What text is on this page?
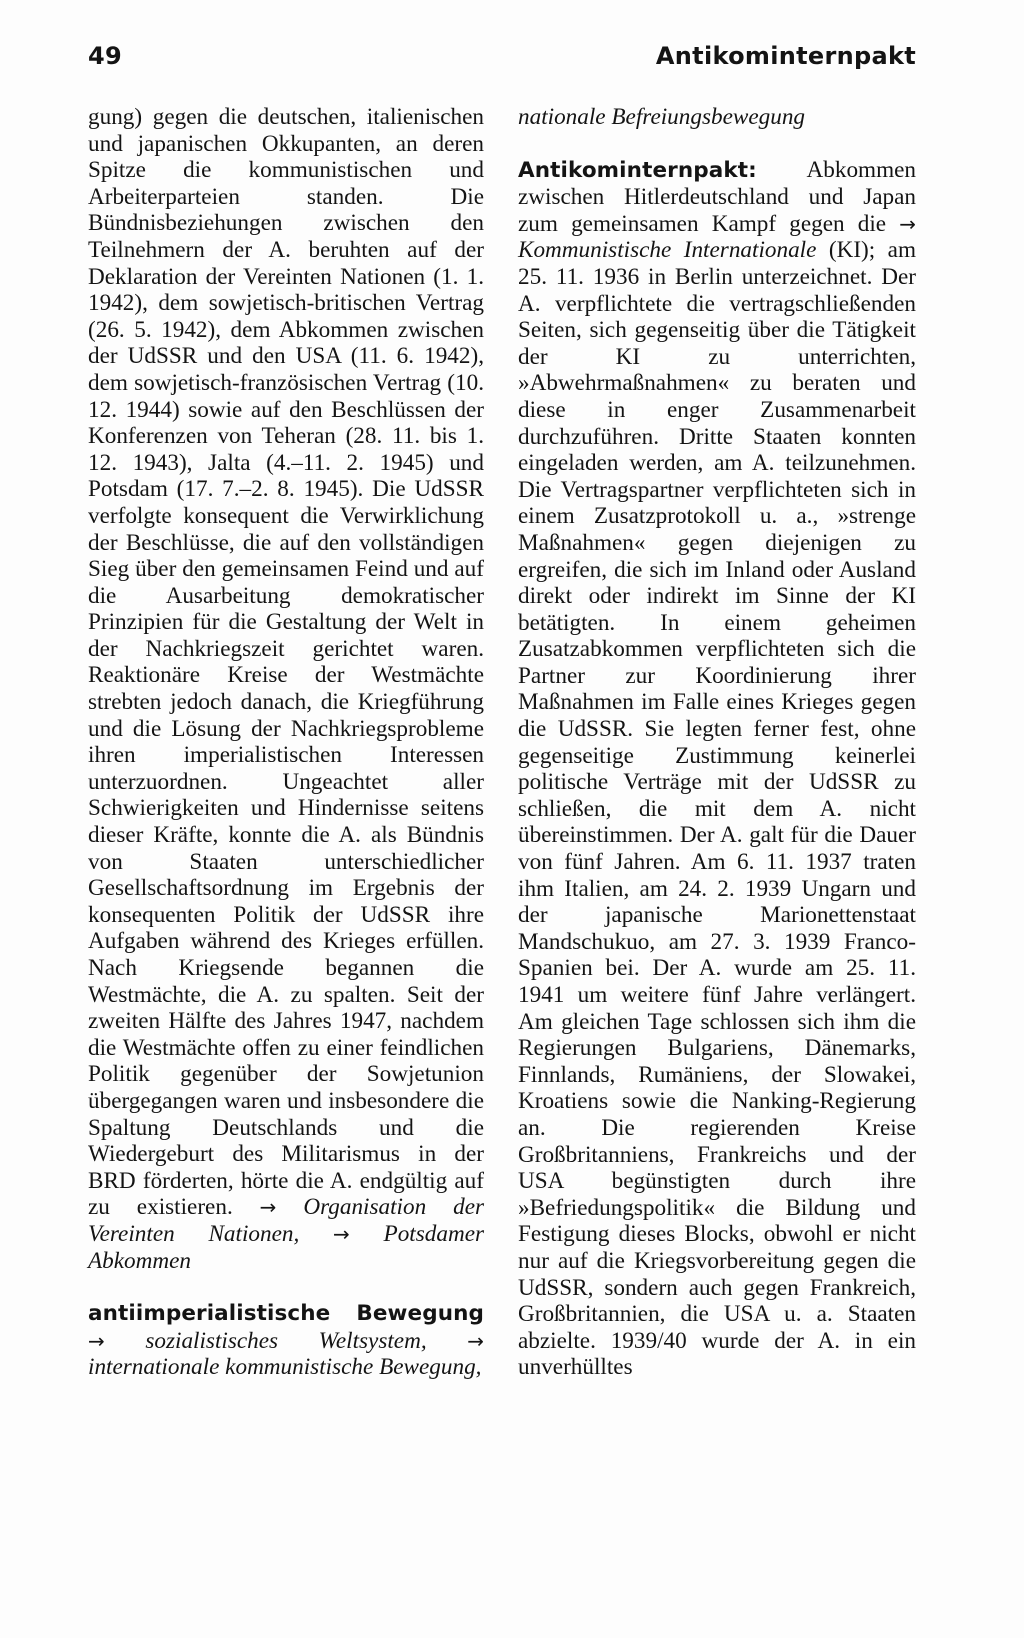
49	Antikominternpakt

gung) gegen die deutschen, italienischen und japanischen Okkupanten, an deren Spitze die kommunistischen und Arbeiterparteien standen. Die Bündnisbeziehungen zwischen den Teilnehmern der A. beruhten auf der Deklaration der Vereinten Nationen (1. 1. 1942), dem sowjetisch-britischen Vertrag (26. 5. 1942), dem Abkommen zwischen der UdSSR und den USA (11. 6. 1942), dem sowjetisch-französischen Vertrag (10. 12. 1944) sowie auf den Beschlüssen der Konferenzen von Teheran (28. 11. bis 1. 12. 1943), Jalta (4.–11. 2. 1945) und Potsdam (17. 7.–2. 8. 1945). Die UdSSR verfolgte konsequent die Verwirklichung der Beschlüsse, die auf den vollständigen Sieg über den gemeinsamen Feind und auf die Ausarbeitung demokratischer Prinzipien für die Gestaltung der Welt in der Nachkriegszeit gerichtet waren. Reaktionäre Kreise der Westmächte strebten jedoch danach, die Kriegführung und die Lösung der Nachkriegsprobleme ihren imperialistischen Interessen unterzuordnen. Ungeachtet aller Schwierigkeiten und Hindernisse seitens dieser Kräfte, konnte die A. als Bündnis von Staaten unterschiedlicher Gesellschaftsordnung im Ergebnis der konsequenten Politik der UdSSR ihre Aufgaben während des Krieges erfüllen. Nach Kriegsende begannen die Westmächte, die A. zu spalten. Seit der zweiten Hälfte des Jahres 1947, nachdem die Westmächte offen zu einer feindlichen Politik gegenüber der Sowjetunion übergegangen waren und insbesondere die Spaltung Deutschlands und die Wiedergeburt des Militarismus in der BRD förderten, hörte die A. endgültig auf zu existieren. → Organisation der Vereinten Nationen, → Potsdamer Abkommen

antiimperialistische Bewegung → sozialistisches Weltsystem, → internationale kommunistische Bewegung,

nationale Befreiungsbewegung

Antikominternpakt: Abkommen zwischen Hitlerdeutschland und Japan zum gemeinsamen Kampf gegen die → Kommunistische Internationale (KI); am 25. 11. 1936 in Berlin unterzeichnet. Der A. verpflichtete die vertragschließenden Seiten, sich gegenseitig über die Tätigkeit der KI zu unterrichten, »Abwehrmaßnahmen« zu beraten und diese in enger Zusammenarbeit durchzuführen. Dritte Staaten konnten eingeladen werden, am A. teilzunehmen. Die Vertragspartner verpflichteten sich in einem Zusatzprotokoll u. a., »strenge Maßnahmen« gegen diejenigen zu ergreifen, die sich im Inland oder Ausland direkt oder indirekt im Sinne der KI betätigten. In einem geheimen Zusatzabkommen verpflichteten sich die Partner zur Koordinierung ihrer Maßnahmen im Falle eines Krieges gegen die UdSSR. Sie legten ferner fest, ohne gegenseitige Zustimmung keinerlei politische Verträge mit der UdSSR zu schließen, die mit dem A. nicht übereinstimmen. Der A. galt für die Dauer von fünf Jahren. Am 6. 11. 1937 traten ihm Italien, am 24. 2. 1939 Ungarn und der japanische Marionettenstaat Mandschukuo, am 27. 3. 1939 Franco-Spanien bei. Der A. wurde am 25. 11. 1941 um weitere fünf Jahre verlängert. Am gleichen Tage schlossen sich ihm die Regierungen Bulgariens, Dänemarks, Finnlands, Rumäniens, der Slowakei, Kroatiens sowie die Nanking-Regierung an. Die regierenden Kreise Großbritanniens, Frankreichs und der USA begünstigten durch ihre »Befriedungspolitik« die Bildung und Festigung dieses Blocks, obwohl er nicht nur auf die Kriegsvorbereitung gegen die UdSSR, sondern auch gegen Frankreich, Großbritannien, die USA u. a. Staaten abzielte. 1939/40 wurde der A. in ein unverhülltes
